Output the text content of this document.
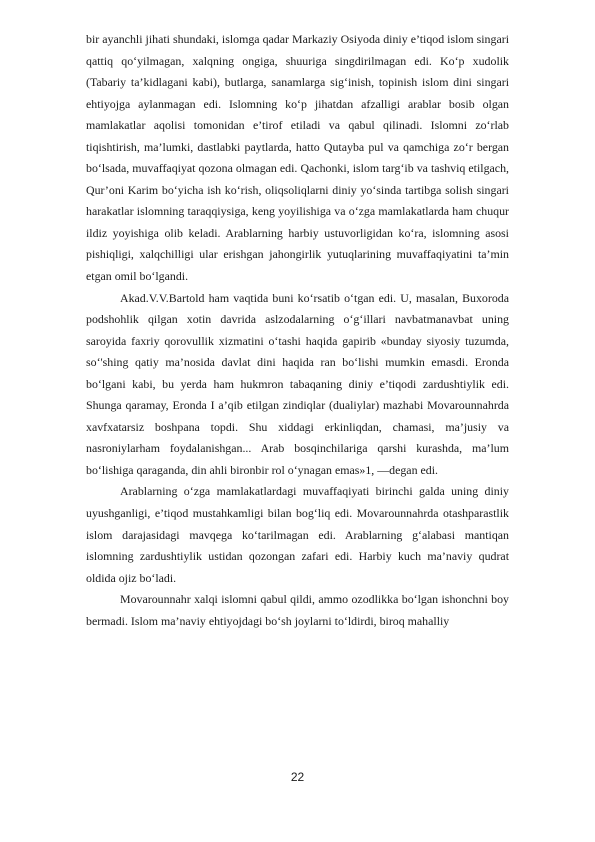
bir ayanchli jihati shundaki, islomga qadar Markaziy Osiyoda diniy e’tiqod islom singari qattiq qo‘yilmagan, xalqning ongiga, shuuriga singdirilmagan edi. Ko‘p xudolik (Tabariy ta’kidlagani kabi), butlarga, sanamlarga sig‘inish, topinish islom dini singari ehtiyojga aylanmagan edi. Islomning ko‘p jihatdan afzalligi arablar bosib olgan mamlakatlar aqolisi tomonidan e’tirof etiladi va qabul qilinadi. Islomni zo‘rlab tiqishtirish, ma’lumki, dastlabki paytlarda, hatto Qutayba pul va qamchiga zo‘r bergan bo‘lsada, muvaffaqiyat qozona olmagan edi. Qachonki, islom targ‘ib va tashviq etilgach, Qur’oni Karim bo‘yicha ish ko‘rish, oliqsoliqlarni diniy yo‘sinda tartibga solish singari harakatlar islomning taraqqiysiga, keng yoyilishiga va o‘zga mamlakatlarda ham chuqur ildiz yoyishiga olib keladi. Arablarning harbiy ustuvorligidan ko‘ra, islomning asosi pishiqligi, xalqchilligi ular erishgan jahongirlik yutuqlarining muvaffaqiyatini ta’min etgan omil bo‘lgandi.

Akad.V.V.Bartold ham vaqtida buni ko‘rsatib o‘tgan edi. U, masalan, Buxoroda podshohlik qilgan xotin davrida aslzodalarning o‘g‘illari navbatmanavbat uning saroyida faxriy qorovullik xizmatini o‘tashi haqida gapirib «bunday siyosiy tuzumda, so‘'shing qatiy ma’nosida davlat dini haqida ran bo‘lishi mumkin emasdi. Eronda bo‘lgani kabi, bu yerda ham hukmron tabaqaning diniy e’tiqodi zardushtiylik edi. Shunga qaramay, Eronda I a’qib etilgan zindiqlar (dualiylar) mazhabi Movarounnahrda xavfxatarsiz boshpana topdi. Shu xiddagi erkinliqdan, chamasi, ma’jusiy va nasroniylarham foydalanishgan... Arab bosqinchilariga qarshi kurashda, ma’lum bo‘lishiga qaraganda, din ahli bironbir rol o‘ynagan emas»1, —degan edi.

Arablarning o‘zga mamlakatlardagi muvaffaqiyati birinchi galda uning diniy uyushganligi, e’tiqod mustahkamligi bilan bog‘liq edi. Movarounnahrda otashparastlik islom darajasidagi mavqega ko‘tarilmagan edi. Arablarning g‘alabasi mantiqan islomning zardushtiylik ustidan qozongan zafari edi. Harbiy kuch ma’naviy qudrat oldida ojiz bo‘ladi.

Movarounnahr xalqi islomni qabul qildi, ammo ozodlikka bo‘lgan ishonchni boy bermadi. Islom ma’naviy ehtiyojdagi bo‘sh joylarni to‘ldirdi, biroq mahalliy

22
